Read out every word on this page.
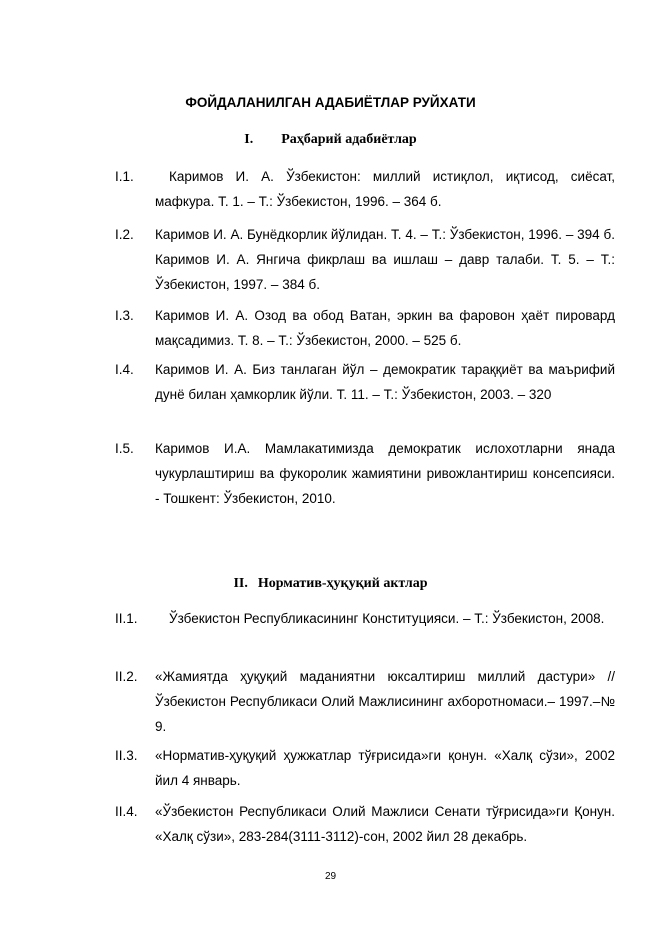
ФОЙДАЛАНИЛГАН АДАБИЁТЛАР РУЙХАТИ
I. Раҳбарий адабиётлар
I.1.	Каримов И. А. Ўзбекистон: миллий истиқлол, иқтисод, сиёсат, мафкура. Т. 1. – Т.: Ўзбекистон, 1996. – 364 б.
I.2. Каримов И. А. Бунёдкорлик йўлидан. Т. 4. – Т.: Ўзбекистон, 1996. – 394 б. Каримов И. А. Янгича фикрлаш ва ишлаш – давр талаби. Т. 5. – Т.: Ўзбекистон, 1997. – 384 б.
I.3. Каримов И. А. Озод ва обод Ватан, эркин ва фаровон ҳаёт пировард мақсадимиз. Т. 8. – Т.: Ўзбекистон, 2000. – 525 б.
I.4. Каримов И. А. Биз танлаган йўл – демократик тараққиёт ва маърифий дунё билан ҳамкорлик йўли. Т. 11. – Т.: Ўзбекистон, 2003. – 320
I.5. Каримов И.А. Мамлакатимизда демократик ислохотларни янада чукурлаштириш ва фукоролик жамиятини ривожлантириш консепсияси. - Тошкент: Ўзбекистон, 2010.
II. Норматив-ҳуқуқий актлар
II.1.	Ўзбекистон Республикасининг Конституцияси. – Т.: Ўзбекистон, 2008.
II.2. «Жамиятда ҳуқуқий маданиятни юксалтириш миллий дастури» // Ўзбекистон Республикаси Олий Мажлисининг ахборотномаси.– 1997.–№ 9.
II.3. «Норматив-ҳуқуқий ҳужжатлар тўғрисида»ги қонун. «Халқ сўзи», 2002 йил 4 январь.
II.4. «Ўзбекистон Республикаси Олий Мажлиси Сенати тўғрисида»ги Қонун. «Халқ сўзи», 283-284(3111-3112)-сон, 2002 йил 28 декабрь.
29
